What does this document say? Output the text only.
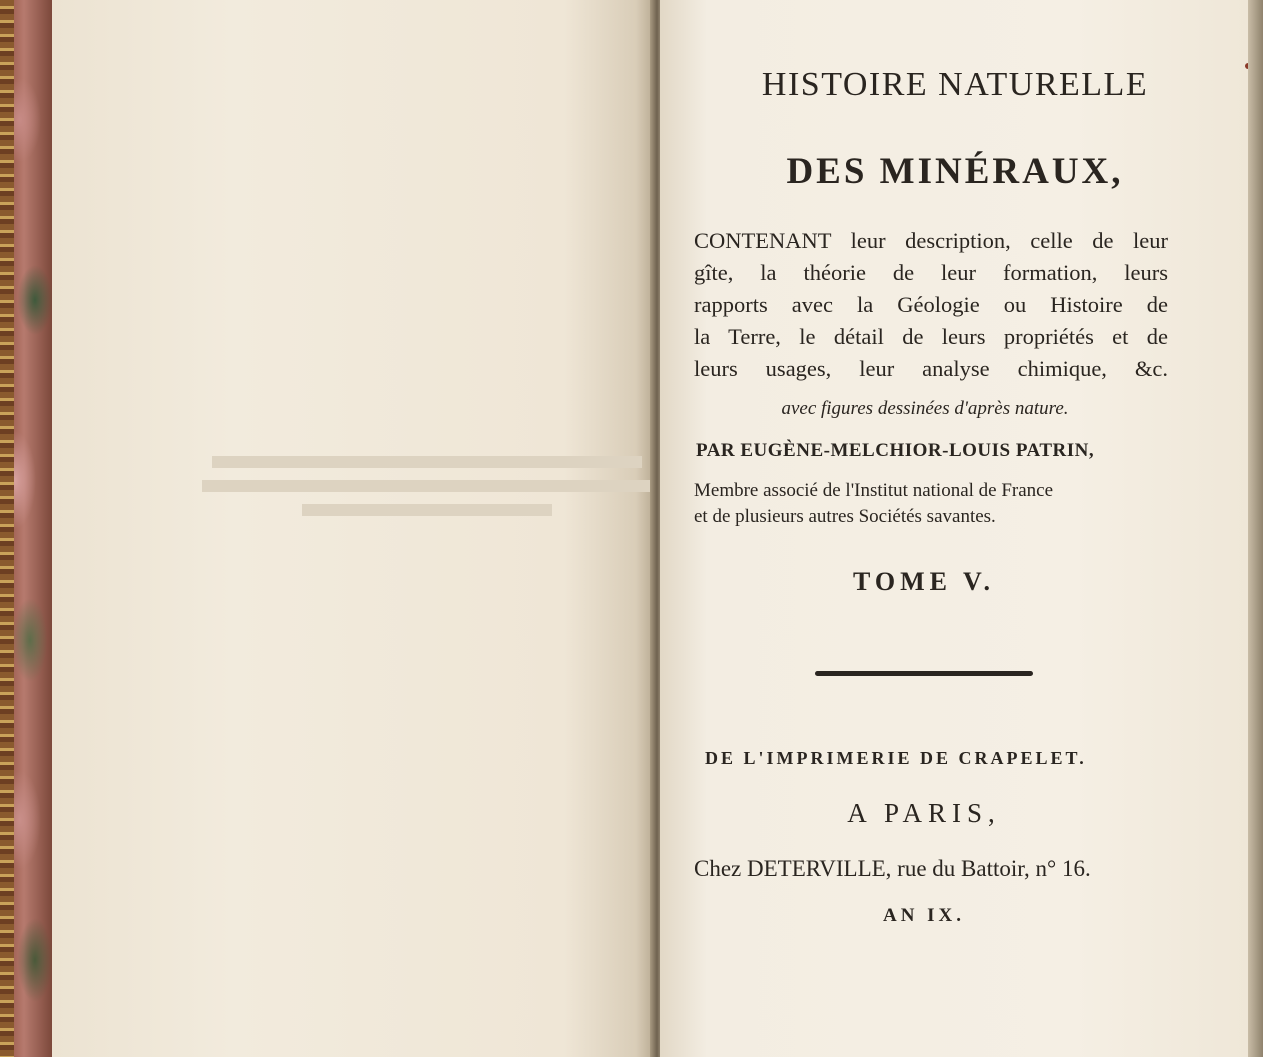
HISTOIRE NATURELLE
DES MINÉRAUX,
CONTENANT leur description, celle de leur
gîte, la théorie de leur formation, leurs
rapports avec la Géologie ou Histoire de
la Terre, le détail de leurs propriétés et de
leurs usages, leur analyse chimique, &c.
avec figures dessinées d'après nature.
PAR EUGÈNE-MELCHIOR-LOUIS PATRIN,
Membre associé de l'Institut national de France
et de plusieurs autres Sociétés savantes.
TOME V.
DE L'IMPRIMERIE DE CRAPELET.
A PARIS,
Chez DETERVILLE, rue du Battoir, n° 16.
AN IX.
